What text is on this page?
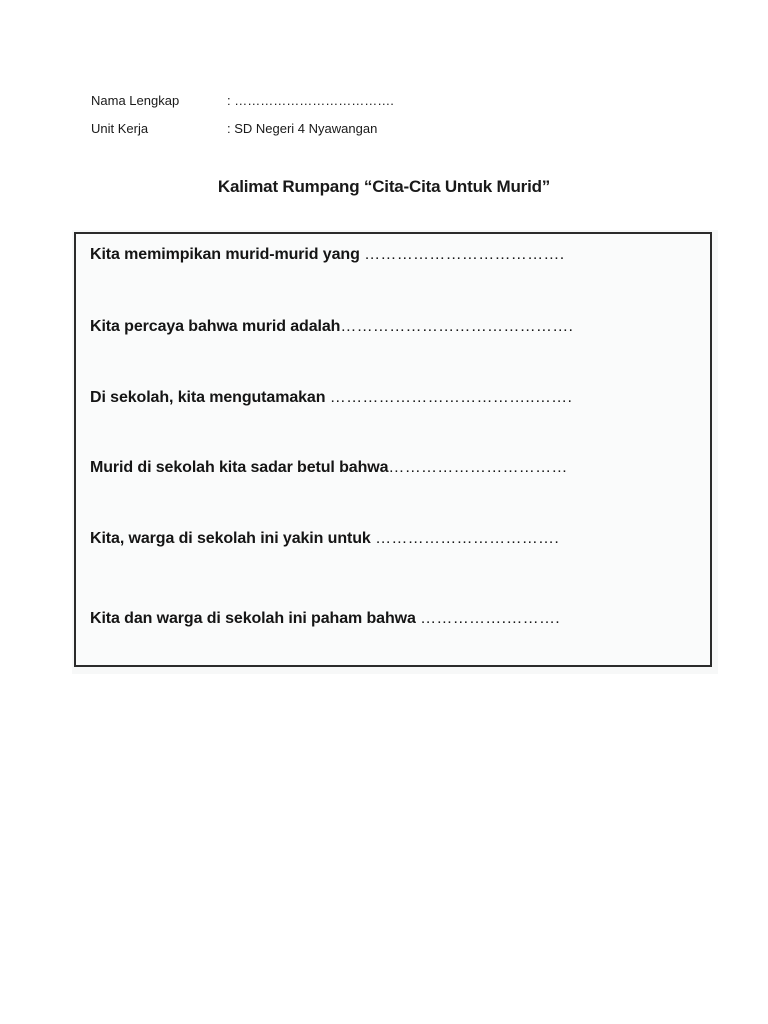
Nama Lengkap	: ……………………………….
Unit Kerja	: SD Negeri 4 Nyawangan
Kalimat Rumpang “Cita-Cita Untuk Murid”
Kita memimpikan murid-murid yang ……………………………….
Kita percaya bahwa murid adalah…………………………………….
Di sekolah, kita mengutamakan ………………………………..…….
Murid di sekolah kita sadar betul bahwa……………………………
Kita, warga di sekolah ini yakin untuk …………………………….
Kita dan warga di sekolah ini paham bahwa …………….……….
